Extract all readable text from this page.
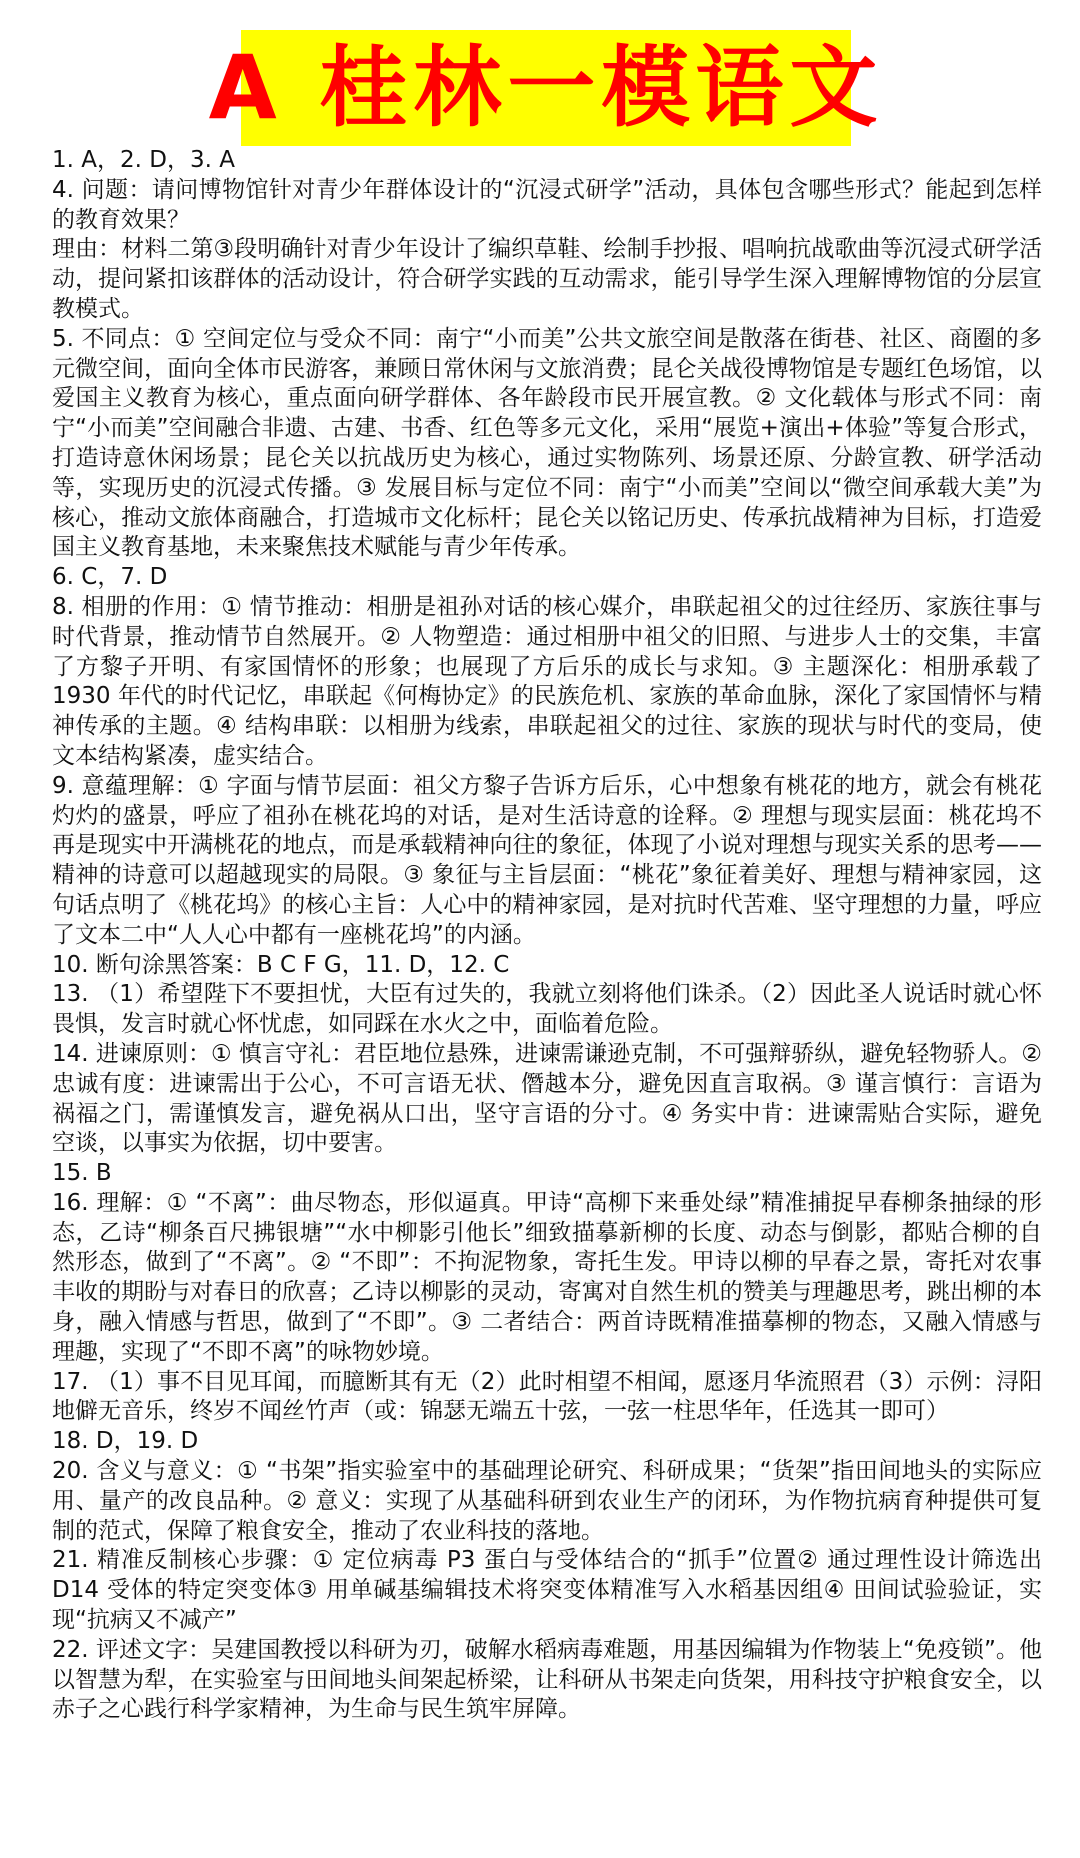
A 桂林一模语文

1. A，2. D，3. A

4. 问题：请问博物馆针对青少年群体设计的“沉浸式研学”活动，具体包含哪些形式？能起到怎样的教育效果？

理由：材料二第③段明确针对青少年设计了编织草鞋、绘制手抄报、唱响抗战歌曲等沉浸式研学活动，提问紧扣该群体的活动设计，符合研学实践的互动需求，能引导学生深入理解博物馆的分层宣教模式。

5. 不同点：① 空间定位与受众不同：南宁“小而美”公共文旅空间是散落在街巷、社区、商圈的多元微空间，面向全体市民游客，兼顾日常休闲与文旅消费；昆仑关战役博物馆是专题红色场馆，以爱国主义教育为核心，重点面向研学群体、各年龄段市民开展宣教。② 文化载体与形式不同：南宁“小而美”空间融合非遗、古建、书香、红色等多元文化，采用“展览+演出+体验”等复合形式，打造诗意休闲场景；昆仑关以抗战历史为核心，通过实物陈列、场景还原、分龄宣教、研学活动等，实现历史的沉浸式传播。③ 发展目标与定位不同：南宁“小而美”空间以“微空间承载大美”为核心，推动文旅体商融合，打造城市文化标杆；昆仑关以铭记历史、传承抗战精神为目标，打造爱国主义教育基地，未来聚焦技术赋能与青少年传承。

6. C，7. D

8. 相册的作用：① 情节推动：相册是祖孙对话的核心媒介，串联起祖父的过往经历、家族往事与时代背景，推动情节自然展开。② 人物塑造：通过相册中祖父的旧照、与进步人士的交集，丰富了方黎子开明、有家国情怀的形象；也展现了方后乐的成长与求知。③ 主题深化：相册承载了 1930 年代的时代记忆，串联起《何梅协定》的民族危机、家族的革命血脉，深化了家国情怀与精神传承的主题。④ 结构串联：以相册为线索，串联起祖父的过往、家族的现状与时代的变局，使文本结构紧凑，虚实结合。

9. 意蕴理解：① 字面与情节层面：祖父方黎子告诉方后乐，心中想象有桃花的地方，就会有桃花灼灼的盛景，呼应了祖孙在桃花坞的对话，是对生活诗意的诠释。② 理想与现实层面：桃花坞不再是现实中开满桃花的地点，而是承载精神向往的象征，体现了小说对理想与现实关系的思考——精神的诗意可以超越现实的局限。③ 象征与主旨层面：“桃花”象征着美好、理想与精神家园，这句话点明了《桃花坞》的核心主旨：人心中的精神家园，是对抗时代苦难、坚守理想的力量，呼应了文本二中“人人心中都有一座桃花坞”的内涵。

10. 断句涂黑答案：B C F G，11. D，12. C

13. （1）希望陛下不要担忧，大臣有过失的，我就立刻将他们诛杀。（2）因此圣人说话时就心怀畏惧，发言时就心怀忧虑，如同踩在水火之中，面临着危险。

14. 进谏原则：① 慎言守礼：君臣地位悬殊，进谏需谦逊克制，不可强辩骄纵，避免轻物骄人。② 忠诚有度：进谏需出于公心，不可言语无状、僭越本分，避免因直言取祸。③ 谨言慎行：言语为祸福之门，需谨慎发言，避免祸从口出，坚守言语的分寸。④ 务实中肯：进谏需贴合实际，避免空谈，以事实为依据，切中要害。

15. B

16. 理解：① “不离”：曲尽物态，形似逼真。甲诗“高柳下来垂处绿”精准捕捉早春柳条抽绿的形态，乙诗“柳条百尺拂银塘”“水中柳影引他长”细致描摹新柳的长度、动态与倒影，都贴合柳的自然形态，做到了“不离”。② “不即”：不拘泥物象，寄托生发。甲诗以柳的早春之景，寄托对农事丰收的期盼与对春日的欣喜；乙诗以柳影的灵动，寄寓对自然生机的赞美与理趣思考，跳出柳的本身，融入情感与哲思，做到了“不即”。③ 二者结合：两首诗既精准描摹柳的物态，又融入情感与理趣，实现了“不即不离”的咏物妙境。

17. （1）事不目见耳闻，而臆断其有无（2）此时相望不相闻，愿逐月华流照君（3）示例：浔阳地僻无音乐，终岁不闻丝竹声（或：锦瑟无端五十弦，一弦一柱思华年，任选其一即可）

18. D，19. D

20. 含义与意义：① “书架”指实验室中的基础理论研究、科研成果；“货架”指田间地头的实际应用、量产的改良品种。② 意义：实现了从基础科研到农业生产的闭环，为作物抗病育种提供可复制的范式，保障了粮食安全，推动了农业科技的落地。

21. 精准反制核心步骤：① 定位病毒 P3 蛋白与受体结合的“抓手”位置② 通过理性设计筛选出 D14 受体的特定突变体③ 用单碱基编辑技术将突变体精准写入水稻基因组④ 田间试验验证，实现“抗病又不减产”

22. 评述文字：吴建国教授以科研为刃，破解水稻病毒难题，用基因编辑为作物装上“免疫锁”。他以智慧为犁，在实验室与田间地头间架起桥梁，让科研从书架走向货架，用科技守护粮食安全，以赤子之心践行科学家精神，为生命与民生筑牢屏障。
